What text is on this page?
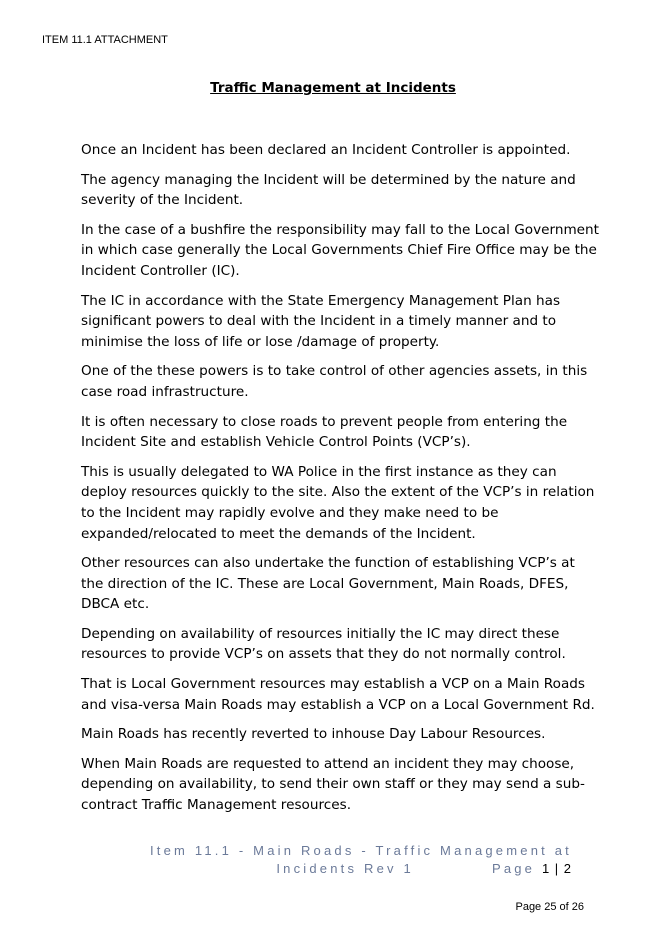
ITEM 11.1 ATTACHMENT
Traffic Management at Incidents

Once an Incident has been declared an Incident Controller is appointed.

The agency managing the Incident will be determined by the nature and severity of the Incident.

In the case of a bushfire the responsibility may fall to the Local Government in which case generally the Local Governments Chief Fire Office may be the Incident Controller (IC).

The IC in accordance with the State Emergency Management Plan has significant powers to deal with the Incident in a timely manner and to minimise the loss of life or lose /damage of property.

One of the these powers is to take control of other agencies assets, in this case road infrastructure.

It is often necessary to close roads to prevent people from entering the Incident Site and establish Vehicle Control Points (VCP’s).

This is usually delegated to WA Police in the first instance as they can deploy resources quickly to the site. Also the extent of the VCP’s in relation to the Incident may rapidly evolve and they make need to be expanded/relocated to meet the demands of the Incident.

Other resources can also undertake the function of establishing VCP’s at the direction of the IC. These are Local Government, Main Roads, DFES, DBCA etc.

Depending on availability of resources initially the IC may direct these resources to provide VCP’s on assets that they do not normally control.

That is Local Government resources may establish a VCP on a Main Roads and visa-versa Main Roads may establish a VCP on a Local Government Rd.

Main Roads has recently reverted to inhouse Day Labour Resources.

When Main Roads are requested to attend an incident they may choose, depending on availability, to send their own staff or they may send a sub-contract Traffic Management resources.

Item 11.1 - Main Roads - Traffic Management at
Incidents Rev 1	Page 1 | 2
Page 25 of 26
